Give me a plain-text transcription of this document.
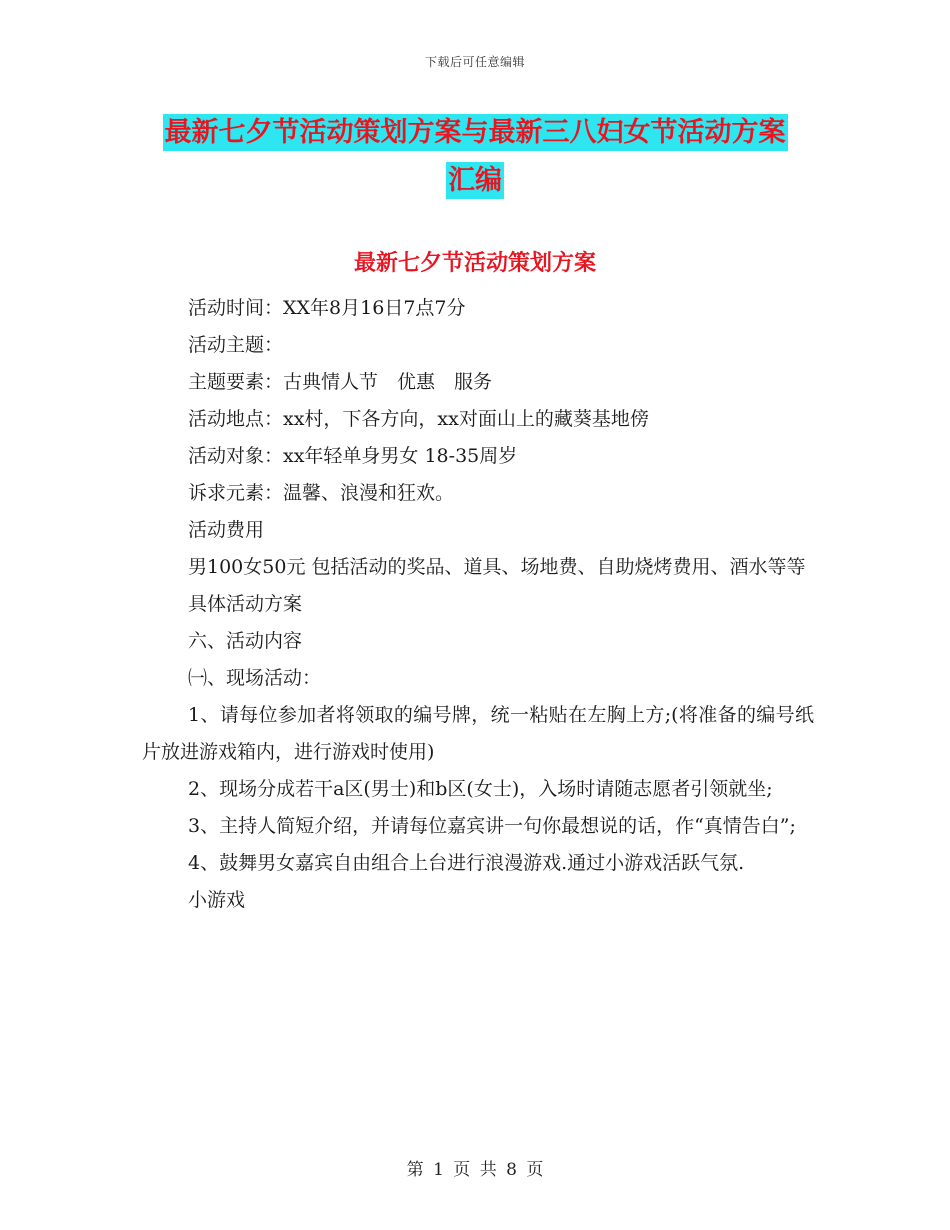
下载后可任意编辑
最新七夕节活动策划方案与最新三八妇女节活动方案
汇编
最新七夕节活动策划方案

活动时间：XX年8月16日7点7分

活动主题：

主题要素：古典情人节　优惠　服务

活动地点：xx村，下各方向，xx对面山上的藏葵基地傍

活动对象：xx年轻单身男女 18-35周岁

诉求元素：温馨、浪漫和狂欢。

活动费用

男100女50元 包括活动的奖品、道具、场地费、自助烧烤费用、酒水等等

具体活动方案

六、活动内容

㈠、现场活动：

1、请每位参加者将领取的编号牌，统一粘贴在左胸上方;(将准备的编号纸片放进游戏箱内，进行游戏时使用)

2、现场分成若干a区(男士)和b区(女士)，入场时请随志愿者引领就坐;

3、主持人简短介绍，并请每位嘉宾讲一句你最想说的话，作“真情告白”;

4、鼓舞男女嘉宾自由组合上台进行浪漫游戏.通过小游戏活跃气氛.

小游戏

第 1 页 共 8 页
